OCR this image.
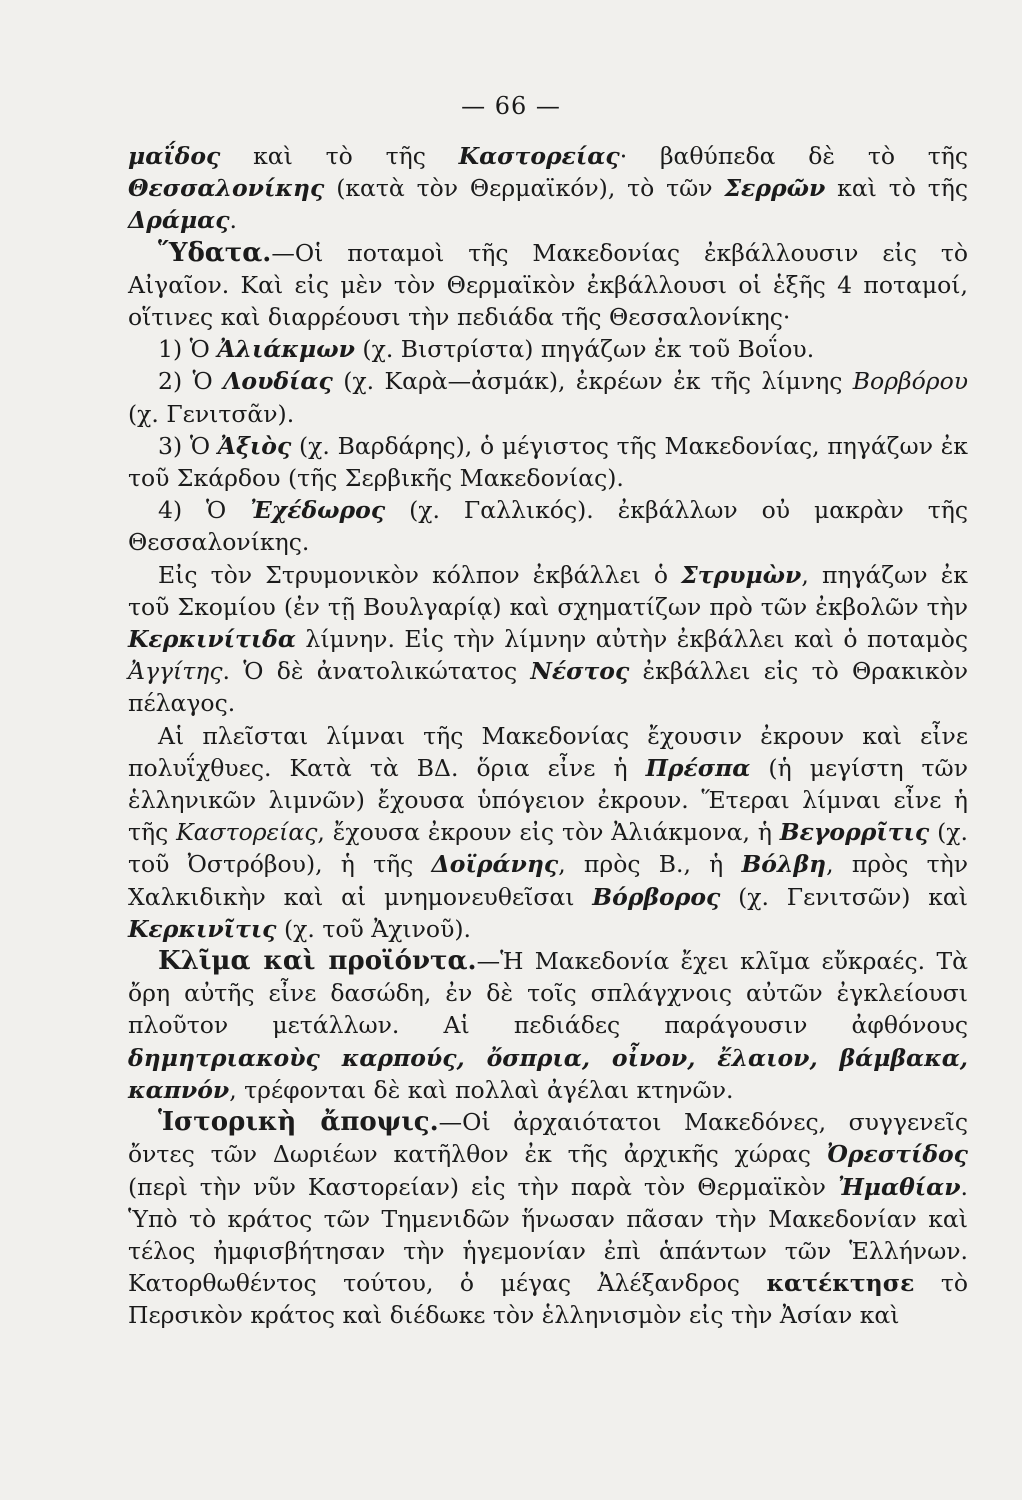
— 66 —

μαΐδος καὶ τὸ τῆς Καστορείας· βαθύπεδα δὲ τὸ τῆς Θεσσαλονίκης (κατὰ τὸν Θερμαϊκόν), τὸ τῶν Σερρῶν καὶ τὸ τῆς Δράμας.

Ὕδατα.—Οἱ ποταμοὶ τῆς Μακεδονίας ἐκβάλλουσιν εἰς τὸ Αἰγαῖον. Καὶ εἰς μὲν τὸν Θερμαϊκὸν ἐκβάλλουσι οἱ ἑξῆς 4 ποταμοί, οἵτινες καὶ διαρρέουσι τὴν πεδιάδα τῆς Θεσσαλονίκης·

1) Ὁ Ἀλιάκμων (χ. Βιστρίστα) πηγάζων ἐκ τοῦ Βοΐου.

2) Ὁ Λουδίας (χ. Καρὰ—ἀσμάκ), ἐκρέων ἐκ τῆς λίμνης Βορβόρου (χ. Γενιτσᾶν).

3) Ὁ Ἀξιὸς (χ. Βαρδάρης), ὁ μέγιστος τῆς Μακεδονίας, πηγάζων ἐκ τοῦ Σκάρδου (τῆς Σερβικῆς Μακεδονίας).

4) Ὁ Ἐχέδωρος (χ. Γαλλικός). ἐκβάλλων οὐ μακρὰν τῆς Θεσσαλονίκης.

Εἰς τὸν Στρυμονικὸν κόλπον ἐκβάλλει ὁ Στρυμὼν, πηγάζων ἐκ τοῦ Σκομίου (ἐν τῇ Βουλγαρίᾳ) καὶ σχηματίζων πρὸ τῶν ἐκβολῶν τὴν Κερκινίτιδα λίμνην. Εἰς τὴν λίμνην αὐτὴν ἐκβάλλει καὶ ὁ ποταμὸς Ἀγγίτης. Ὁ δὲ ἀνατολικώτατος Νέστος ἐκβάλλει εἰς τὸ Θρακικὸν πέλαγος.

Αἱ πλεῖσται λίμναι τῆς Μακεδονίας ἔχουσιν ἐκρουν καὶ εἶνε πολυΐχθυες. Κατὰ τὰ ΒΔ. ὅρια εἶνε ἡ Πρέσπα (ἡ μεγίστη τῶν ἑλληνικῶν λιμνῶν) ἔχουσα ὑπόγειον ἐκρουν. Ἕτεραι λίμναι εἶνε ἡ τῆς Καστορείας, ἔχουσα ἐκρουν εἰς τὸν Ἀλιάκμονα, ἡ Βεγορρῖτις (χ. τοῦ Ὀστρόβου), ἡ τῆς Δοϊράνης, πρὸς Β., ἡ Βόλβη, πρὸς τὴν Χαλκιδικὴν καὶ αἱ μνημονευθεῖσαι Βόρβορος (χ. Γενιτσῶν) καὶ Κερκινῖτις (χ. τοῦ Ἀχινοῦ).

Κλῖμα καὶ προϊόντα.—Ἡ Μακεδονία ἔχει κλῖμα εὔκραές. Τὰ ὄρη αὐτῆς εἶνε δασώδη, ἐν δὲ τοῖς σπλάγχνοις αὐτῶν ἐγκλείουσι πλοῦτον μετάλλων. Αἱ πεδιάδες παράγουσιν ἀφθόνους δημητριακοὺς καρπούς, ὄσπρια, οἶνον, ἔλαιον, βάμβακα, καπνόν, τρέφονται δὲ καὶ πολλαὶ ἀγέλαι κτηνῶν.

Ἱστορικὴ ἄποψις.—Οἱ ἀρχαιότατοι Μακεδόνες, συγγενεῖς ὄντες τῶν Δωριέων κατῆλθον ἐκ τῆς ἀρχικῆς χώρας Ὀρεστίδος (περὶ τὴν νῦν Καστορείαν) εἰς τὴν παρὰ τὸν Θερμαϊκὸν Ἠμαθίαν. Ὑπὸ τὸ κράτος τῶν Τημενιδῶν ἥνωσαν πᾶσαν τὴν Μακεδονίαν καὶ τέλος ἠμφισβήτησαν τὴν ἡγεμονίαν ἐπὶ ἁπάντων τῶν Ἑλλήνων. Κατορθωθέντος τούτου, ὁ μέγας Ἀλέξανδρος κατέκτησε τὸ Περσικὸν κράτος καὶ διέδωκε τὸν ἑλληνισμὸν εἰς τὴν Ἀσίαν καὶ
